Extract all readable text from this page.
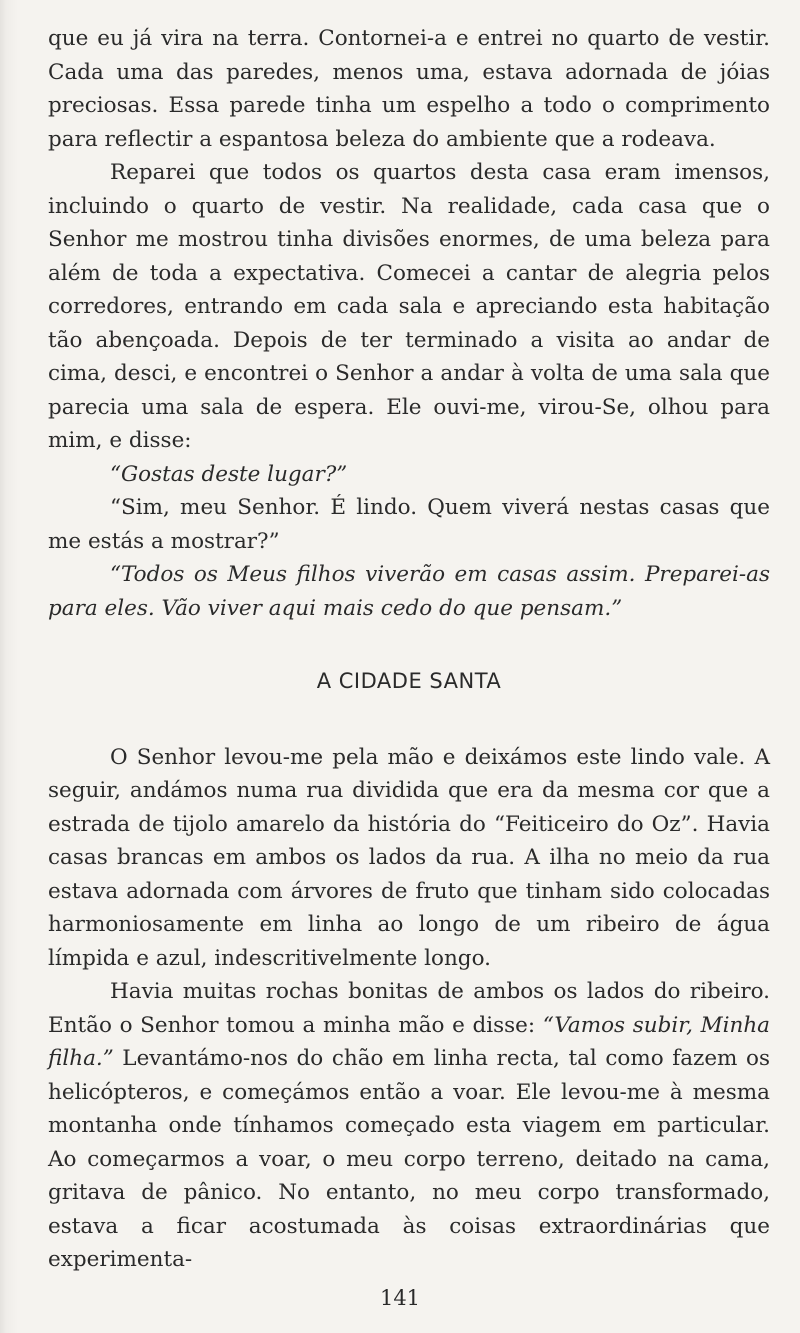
que eu já vira na terra. Contornei-a e entrei no quarto de vestir. Cada uma das paredes, menos uma, estava adornada de jóias preciosas. Essa parede tinha um espelho a todo o comprimento para reflectir a espantosa beleza do ambiente que a rodeava.

Reparei que todos os quartos desta casa eram imensos, incluindo o quarto de vestir. Na realidade, cada casa que o Senhor me mostrou tinha divisões enormes, de uma beleza para além de toda a expectativa. Comecei a cantar de alegria pelos corredores, entrando em cada sala e apreciando esta habitação tão abençoada. Depois de ter terminado a visita ao andar de cima, desci, e encontrei o Senhor a andar à volta de uma sala que parecia uma sala de espera. Ele ouvi-me, virou-Se, olhou para mim, e disse:

“Gostas deste lugar?”

“Sim, meu Senhor. É lindo. Quem viverá nestas casas que me estás a mostrar?”

“Todos os Meus filhos viverão em casas assim. Preparei-as para eles. Vão viver aqui mais cedo do que pensam.”

A CIDADE SANTA

O Senhor levou-me pela mão e deixámos este lindo vale. A seguir, andámos numa rua dividida que era da mesma cor que a estrada de tijolo amarelo da história do “Feiticeiro do Oz”. Havia casas brancas em ambos os lados da rua. A ilha no meio da rua estava adornada com árvores de fruto que tinham sido colocadas harmoniosamente em linha ao longo de um ribeiro de água límpida e azul, indescritivelmente longo.

Havia muitas rochas bonitas de ambos os lados do ribeiro. Então o Senhor tomou a minha mão e disse: “Vamos subir, Minha filha.” Levantámo-nos do chão em linha recta, tal como fazem os helicópteros, e começámos então a voar. Ele levou-me à mesma montanha onde tínhamos começado esta viagem em particular. Ao começarmos a voar, o meu corpo terreno, deitado na cama, gritava de pânico. No entanto, no meu corpo transformado, estava a ficar acostumada às coisas extraordinárias que experimenta-

141
